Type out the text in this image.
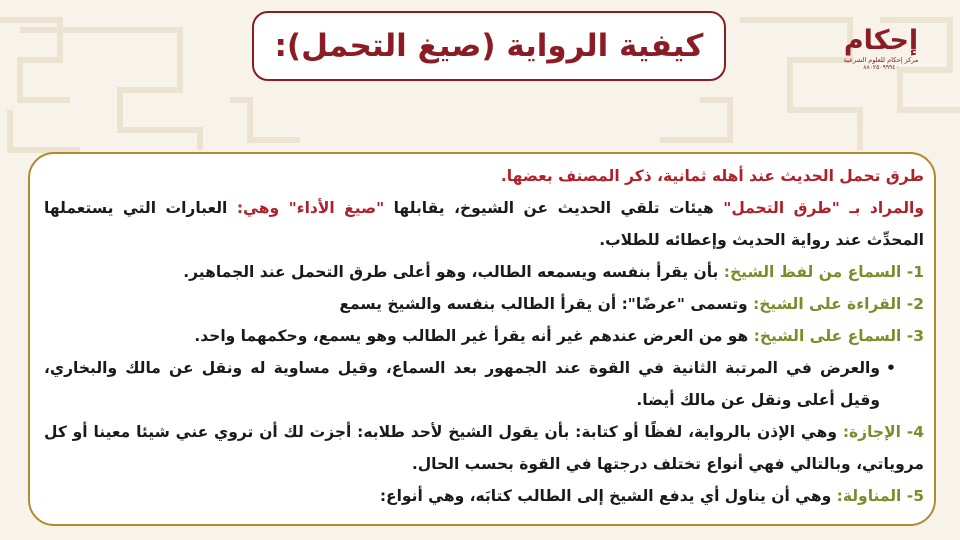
كيفية الرواية (صيغ التحمل):	إحكام
مركز إحكام للعلوم الشرعية
٨٨٠٢٥٠٩٩٩٤٠

طرق تحمل الحديث عند أهله ثمانية، ذكر المصنف بعضها.

والمراد بـ "طرق التحمل" هيئات تلقي الحديث عن الشيوخ، يقابلها "صيغ الأداء" وهي: العبارات التي يستعملها المحدِّث عند رواية الحديث وإعطائه للطلاب.

1- السماع من لفظ الشيخ: بأن يقرأ بنفسه ويسمعه الطالب، وهو أعلى طرق التحمل عند الجماهير.

2- القراءة على الشيخ: وتسمى "عرضًا": أن يقرأ الطالب بنفسه والشيخ يسمع

3- السماع على الشيخ: هو من العرض عندهم غير أنه يقرأ غير الطالب وهو يسمع، وحكمهما واحد.

•
والعرض في المرتبة الثانية في القوة عند الجمهور بعد السماع، وقيل مساوية له ونقل عن مالك والبخاري، وقيل أعلى ونقل عن مالك أيضا.

4- الإجازة: وهي الإذن بالرواية، لفظًا أو كتابة: بأن يقول الشيخ لأحد طلابه: أجزت لك أن تروي عني شيئا معينا أو كل مروياتي، وبالتالي فهي أنواع تختلف درجتها في القوة بحسب الحال.

5- المناولة: وهي أن يناول أي يدفع الشيخ إلى الطالب كتابَه، وهي أنواع:
